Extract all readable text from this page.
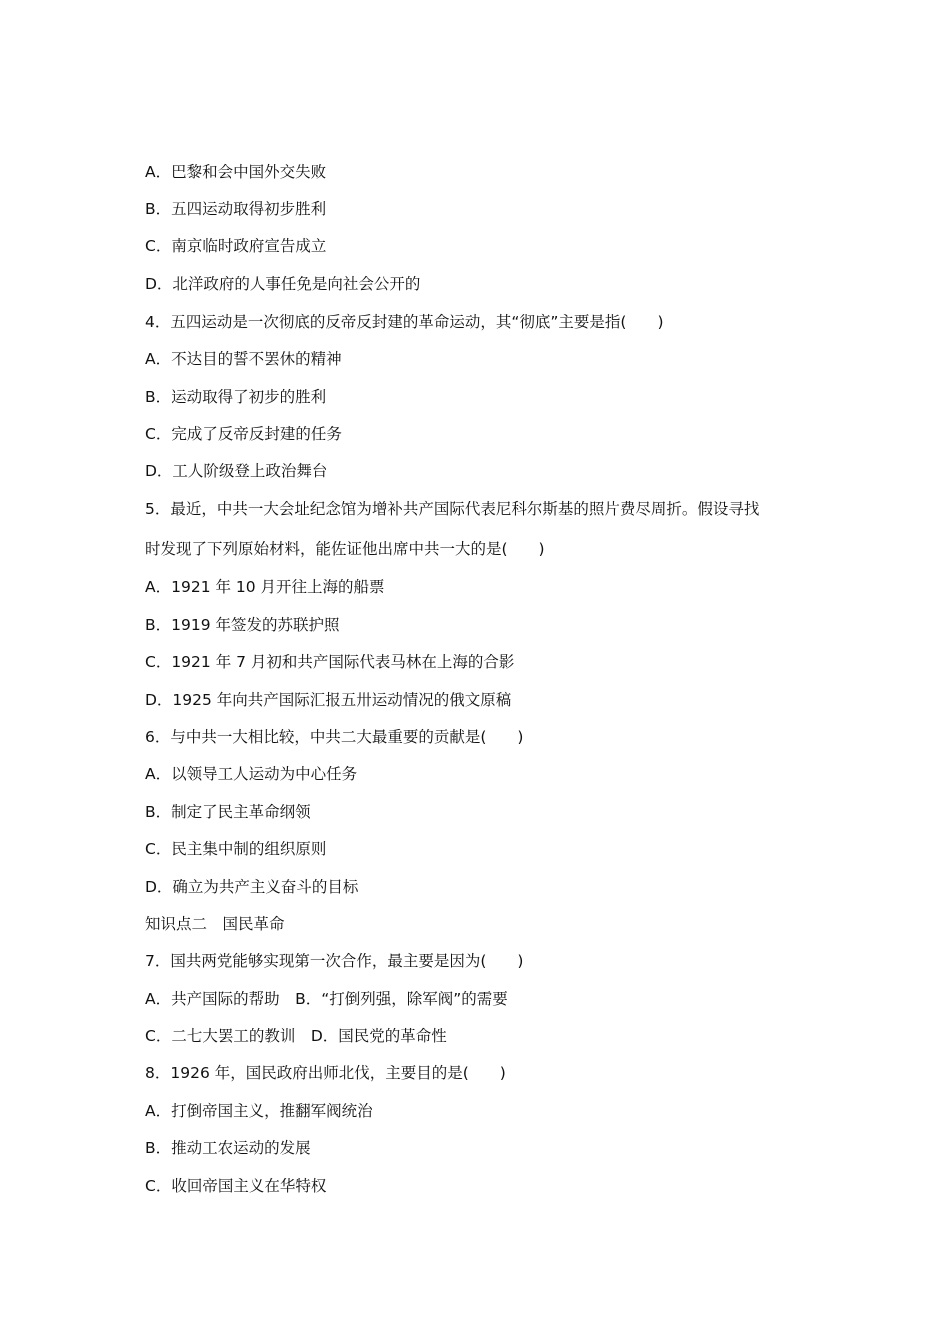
A．巴黎和会中国外交失败
B．五四运动取得初步胜利
C．南京临时政府宣告成立
D．北洋政府的人事任免是向社会公开的
4．五四运动是一次彻底的反帝反封建的革命运动，其“彻底”主要是指(　　)
A．不达目的誓不罢休的精神
B．运动取得了初步的胜利
C．完成了反帝反封建的任务
D．工人阶级登上政治舞台
5．最近，中共一大会址纪念馆为增补共产国际代表尼科尔斯基的照片费尽周折。假设寻找
时发现了下列原始材料，能佐证他出席中共一大的是(　　)
A．1921 年 10 月开往上海的船票
B．1919 年签发的苏联护照
C．1921 年 7 月初和共产国际代表马林在上海的合影
D．1925 年向共产国际汇报五卅运动情况的俄文原稿
6．与中共一大相比较，中共二大最重要的贡献是(　　)
A．以领导工人运动为中心任务
B．制定了民主革命纲领
C．民主集中制的组织原则
D．确立为共产主义奋斗的目标
知识点二　国民革命
7．国共两党能够实现第一次合作，最主要是因为(　　)
A．共产国际的帮助　B．“打倒列强，除军阀”的需要
C．二七大罢工的教训　D．国民党的革命性
8．1926 年，国民政府出师北伐，主要目的是(　　)
A．打倒帝国主义，推翻军阀统治
B．推动工农运动的发展
C．收回帝国主义在华特权
